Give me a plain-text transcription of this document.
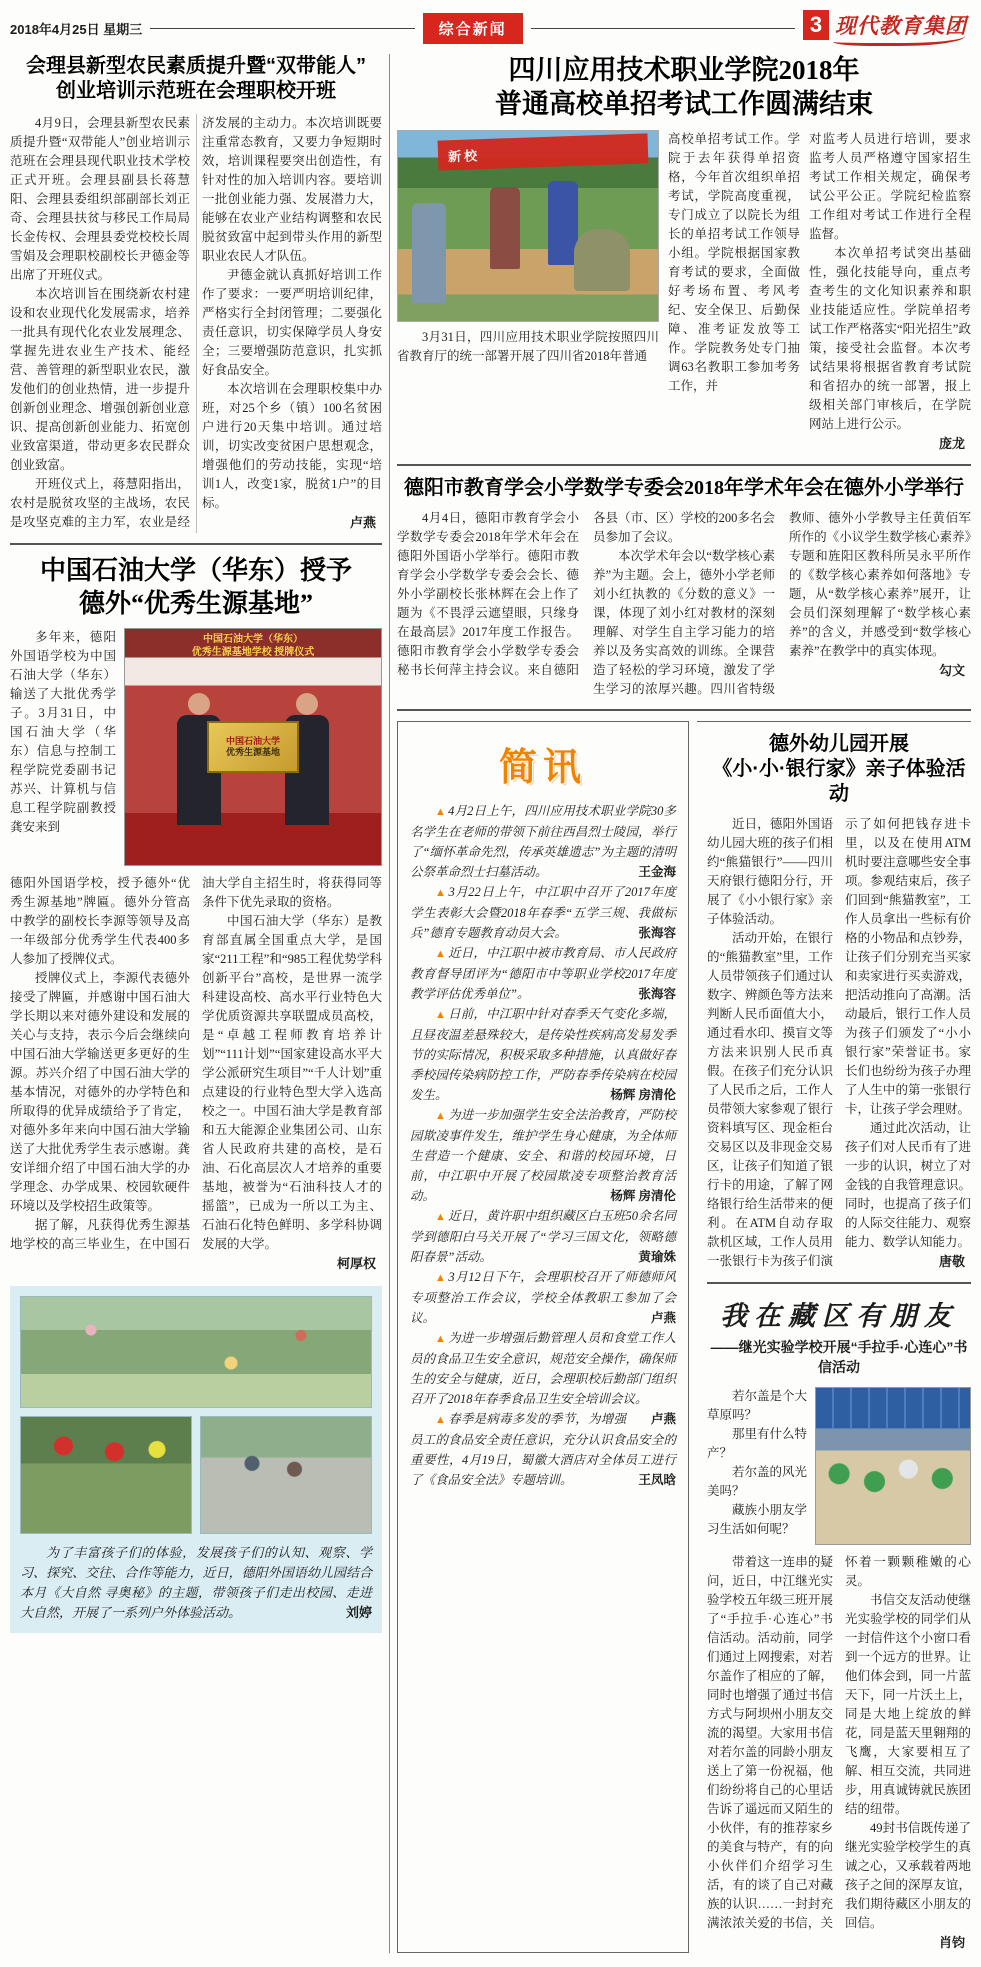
2018年4月25日 星期三	综合新闻	3 现代教育集团
会理县新型农民素质提升暨“双带能人”
创业培训示范班在会理职校开班

4月9日，会理县新型农民素质提升暨“双带能人”创业培训示范班在会理县现代职业技术学校正式开班。会理县副县长蒋慧阳、会理县委组织部副部长刘正奇、会理县扶贫与移民工作局局长金传权、会理县委党校校长周雪娟及会理职校副校长尹德金等出席了开班仪式。

本次培训旨在围绕新农村建设和农业现代化发展需求，培养一批具有现代化农业发展理念、掌握先进农业生产技术、能经营、善管理的新型职业农民，激发他们的创业热情，进一步提升创新创业理念、增强创新创业意识、提高创新创业能力、拓宽创业致富渠道，带动更多农民群众创业致富。

开班仪式上，蒋慧阳指出，农村是脱贫攻坚的主战场，农民是攻坚克难的主力军，农业是经济发展的主动力。本次培训既要注重常态教育，又要力争短期时效，培训课程要突出创造性，有针对性的加入培训内容。要培训一批创业能力强、发展潜力大，能够在农业产业结构调整和农民脱贫致富中起到带头作用的新型职业农民人才队伍。

尹德金就认真抓好培训工作作了要求：一要严明培训纪律，严格实行全封闭管理；二要强化责任意识，切实保障学员人身安全；三要增强防范意识，扎实抓好食品安全。

本次培训在会理职校集中办班，对25个乡（镇）100名贫困户进行20天集中培训。通过培训，切实改变贫困户思想观念，增强他们的劳动技能，实现“培训1人，改变1家，脱贫1户”的目标。

卢燕
中国石油大学（华东）授予
德外“优秀生源基地”

多年来，德阳外国语学校为中国石油大学（华东）输送了大批优秀学子。3月31日，中国石油大学（华东）信息与控制工程学院党委副书记苏兴、计算机与信息工程学院副教授龚安来到

中国石油大学（华东）
优秀生源基地学校 授牌仪式
中国石油大学
优秀生源基地

德阳外国语学校，授予德外“优秀生源基地”牌匾。德外分管高中教学的副校长李源等领导及高一年级部分优秀学生代表400多人参加了授牌仪式。

授牌仪式上，李源代表德外接受了牌匾，并感谢中国石油大学长期以来对德外建设和发展的关心与支持，表示今后会继续向中国石油大学输送更多更好的生源。苏兴介绍了中国石油大学的基本情况，对德外的办学特色和所取得的优异成绩给予了肯定，对德外多年来向中国石油大学输送了大批优秀学生表示感谢。龚安详细介绍了中国石油大学的办学理念、办学成果、校园软硬件环境以及学校招生政策等。

据了解，凡获得优秀生源基地学校的高三毕业生，在中国石油大学自主招生时，将获得同等条件下优先录取的资格。

中国石油大学（华东）是教育部直属全国重点大学，是国家“211工程”和“985工程优势学科创新平台”高校，是世界一流学科建设高校、高水平行业特色大学优质资源共享联盟成员高校，是“卓越工程师教育培养计划”“111计划”“国家建设高水平大学公派研究生项目”“千人计划”重点建设的行业特色型大学入选高校之一。中国石油大学是教育部和五大能源企业集团公司、山东省人民政府共建的高校，是石油、石化高层次人才培养的重要基地，被誉为“石油科技人才的摇篮”，已成为一所以工为主、石油石化特色鲜明、多学科协调发展的大学。

柯厚权

为了丰富孩子们的体验，发展孩子们的认知、观察、学习、探究、交往、合作等能力，近日，德阳外国语幼儿园结合本月《大自然 寻奥秘》的主题，带领孩子们走出校园、走进大自然，开展了一系列户外体验活动。	刘婷

四川应用技术职业学院2018年
普通高校单招考试工作圆满结束
新校

3月31日，四川应用技术职业学院按照四川省教育厅的统一部署开展了四川省2018年普通

高校单招考试工作。学院于去年获得单招资格，今年首次组织单招考试，学院高度重视，专门成立了以院长为组长的单招考试工作领导小组。学院根据国家教育考试的要求，全面做好考场布置、考风考纪、安全保卫、后勤保障、准考证发放等工作。学院教务处专门抽调63名教职工参加考务工作，并

对监考人员进行培训，要求监考人员严格遵守国家招生考试工作相关规定，确保考试公平公正。学院纪检监察工作组对考试工作进行全程监督。

本次单招考试突出基础性，强化技能导向，重点考查考生的文化知识素养和职业技能适应性。学院单招考试工作严格落实“阳光招生”政策，接受社会监督。本次考试结果将根据省教育考试院和省招办的统一部署，报上级相关部门审核后，在学院网站上进行公示。

庞龙
德阳市教育学会小学数学专委会2018年学术年会在德外小学举行

4月4日，德阳市教育学会小学数学专委会2018年学术年会在德阳外国语小学举行。德阳市教育学会小学数学专委会会长、德外小学副校长张林辉在会上作了题为《不畏浮云遮望眼，只缘身在最高层》2017年度工作报告。德阳市教育学会小学数学专委会秘书长何萍主持会议。来自德阳各县（市、区）学校的200多名会员参加了会议。

本次学术年会以“数学核心素养”为主题。会上，德外小学老师刘小红执教的《分数的意义》一课，体现了刘小红对教材的深刻理解、对学生自主学习能力的培养以及务实高效的训练。全课营造了轻松的学习环境，激发了学生学习的浓厚兴趣。四川省特级教师、德外小学教导主任黄佰军所作的《小议学生数学核心素养》专题和旌阳区教科所吴永平所作的《数学核心素养如何落地》专题，从“数学核心素养”展开，让会员们深刻理解了“数学核心素养”的含义，并感受到“数学核心素养”在教学中的真实体现。

勾文
简讯

▲ 4月2日上午，四川应用技术职业学院30多名学生在老师的带领下前往西昌烈士陵园，举行了“缅怀革命先烈，传承英雄遗志”为主题的清明公祭革命烈士扫墓活动。	王金海

▲ 3月22日上午，中江职中召开了2017年度学生表彰大会暨2018年春季“五学三规、我做标兵”德育专题教育动员大会。	张海容

▲ 近日，中江职中被市教育局、市人民政府教育督导团评为“德阳市中等职业学校2017年度教学评估优秀单位”。	张海容

▲ 日前，中江职中针对春季天气变化多端，且昼夜温差悬殊较大，是传染性疾病高发易发季节的实际情况，积极采取多种措施，认真做好春季校园传染病防控工作，严防春季传染病在校园发生。	杨辉 房清伦

▲ 为进一步加强学生安全法治教育，严防校园欺凌事件发生，维护学生身心健康，为全体师生营造一个健康、安全、和谐的校园环境，日前，中江职中开展了校园欺凌专项整治教育活动。	杨辉 房清伦

▲ 近日，黄许职中组织藏区白玉班50余名同学到德阳白马关开展了“学习三国文化，领略德阳春景”活动。	黄瑜姝

▲ 3月12日下午，会理职校召开了师德师风专项整治工作会议，学校全体教职工参加了会议。	卢燕

▲ 为进一步增强后勤管理人员和食堂工作人员的食品卫生安全意识，规范安全操作，确保师生的安全与健康，近日，会理职校后勤部门组织召开了2018年春季食品卫生安全培训会议。
卢燕

▲ 春季是病毒多发的季节，为增强员工的食品安全责任意识，充分认识食品安全的重要性，4月19日，蜀徽大酒店对全体员工进行了《食品安全法》专题培训。	王凤晗

德外幼儿园开展
《小·小·银行家》亲子体验活动

近日，德阳外国语幼儿园大班的孩子们相约“熊猫银行”——四川天府银行德阳分行，开展了《小小银行家》亲子体验活动。

活动开始，在银行的“熊猫教室”里，工作人员带领孩子们通过认数字、辨颜色等方法来判断人民币面值大小，通过看水印、摸盲文等方法来识别人民币真假。在孩子们充分认识了人民币之后，工作人员带领大家参观了银行资料填写区、现金柜台交易区以及非现金交易区，让孩子们知道了银行卡的用途，了解了网络银行给生活带来的便利。在ATM自动存取款机区域，工作人员用一张银行卡为孩子们演示了如何把钱存进卡里，以及在使用ATM机时要注意哪些安全事项。参观结束后，孩子们回到“熊猫教室”，工作人员拿出一些标有价格的小物品和点钞券，让孩子们分别充当买家和卖家进行买卖游戏，把活动推向了高潮。活动最后，银行工作人员为孩子们颁发了“小小银行家”荣誉证书。家长们也纷纷为孩子办理了人生中的第一张银行卡，让孩子学会理财。

通过此次活动，让孩子们对人民币有了进一步的认识，树立了对金钱的自我管理意识。同时，也提高了孩子们的人际交往能力、观察能力、数学认知能力。

唐敬
我在藏区有朋友
——继光实验学校开展“手拉手·心连心”书信活动

若尔盖是个大草原吗？

那里有什么特产？

若尔盖的风光美吗？

藏族小朋友学习生活如何呢？

带着这一连串的疑问，近日，中江继光实验学校五年级三班开展了“手拉手·心连心”书信活动。活动前，同学们通过上网搜索，对若尔盖作了相应的了解，同时也增强了通过书信方式与阿坝州小朋友交流的渴望。大家用书信对若尔盖的同龄小朋友送上了第一份祝福，他们纷纷将自己的心里话告诉了遥远而又陌生的小伙伴，有的推荐家乡的美食与特产，有的向小伙伴们介绍学习生活，有的谈了自己对藏族的认识……一封封充满浓浓关爱的书信，关怀着一颗颗稚嫩的心灵。

书信交友活动使继光实验学校的同学们从一封信件这个小窗口看到一个远方的世界。让他们体会到，同一片蓝天下，同一片沃土上，同是大地上绽放的鲜花，同是蓝天里翱翔的飞鹰，大家要相互了解、相互交流，共同进步，用真诚铸就民族团结的纽带。

49封书信既传递了继光实验学校学生的真诚之心，又承载着两地孩子之间的深厚友谊，我们期待藏区小朋友的回信。

肖钧
